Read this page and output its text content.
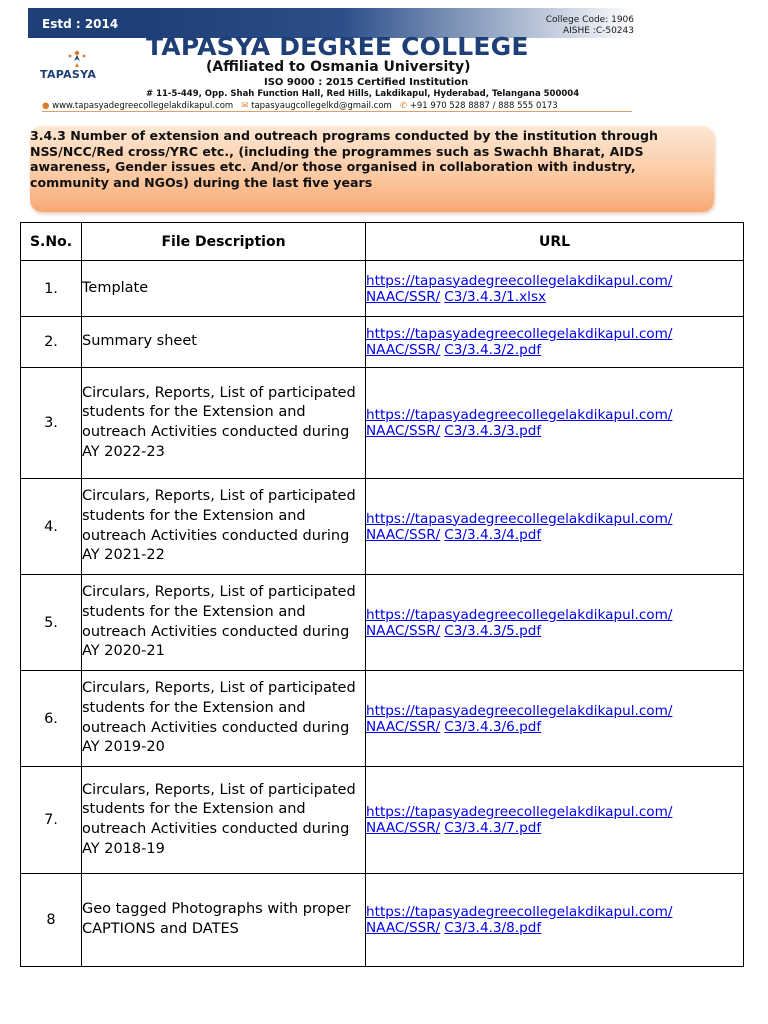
Estd : 2014	College Code: 1906
AISHE :C-50243
TAPASYA
TAPASYA DEGREE COLLEGE
(Affiliated to Osmania University)
ISO 9000 : 2015 Certified Institution
# 11-5-449, Opp. Shah Function Hall, Red Hills, Lakdikapul, Hyderabad, Telangana 500004
● www.tapasyadegreecollegelakdikapul.com ✉ tapasyaugcollegelkd@gmail.com ✆ +91 970 528 8887 / 888 555 0173
3.4.3 Number of extension and outreach programs conducted by the institution through NSS/NCC/Red cross/YRC etc., (including the programmes such as Swachh Bharat, AIDS awareness, Gender issues etc. And/or those organised in collaboration with industry, community and NGOs) during the last five years
S.No.	File Description	URL
1.	Template	https://tapasyadegreecollegelakdikapul.com/
NAAC/SSR/ C3/3.4.3/1.xlsx
2.	Summary sheet	https://tapasyadegreecollegelakdikapul.com/
NAAC/SSR/ C3/3.4.3/2.pdf
3.	Circulars, Reports, List of participated students for the Extension and outreach Activities conducted during AY 2022-23	https://tapasyadegreecollegelakdikapul.com/
NAAC/SSR/ C3/3.4.3/3.pdf
4.	Circulars, Reports, List of participated students for the Extension and outreach Activities conducted during AY 2021-22	https://tapasyadegreecollegelakdikapul.com/
NAAC/SSR/ C3/3.4.3/4.pdf
5.	Circulars, Reports, List of participated students for the Extension and outreach Activities conducted during AY 2020-21	https://tapasyadegreecollegelakdikapul.com/
NAAC/SSR/ C3/3.4.3/5.pdf
6.	Circulars, Reports, List of participated students for the Extension and outreach Activities conducted during AY 2019-20	https://tapasyadegreecollegelakdikapul.com/
NAAC/SSR/ C3/3.4.3/6.pdf
7.	Circulars, Reports, List of participated students for the Extension and outreach Activities conducted during AY 2018-19	https://tapasyadegreecollegelakdikapul.com/
NAAC/SSR/ C3/3.4.3/7.pdf
8	Geo tagged Photographs with proper CAPTIONS and DATES	https://tapasyadegreecollegelakdikapul.com/
NAAC/SSR/ C3/3.4.3/8.pdf
